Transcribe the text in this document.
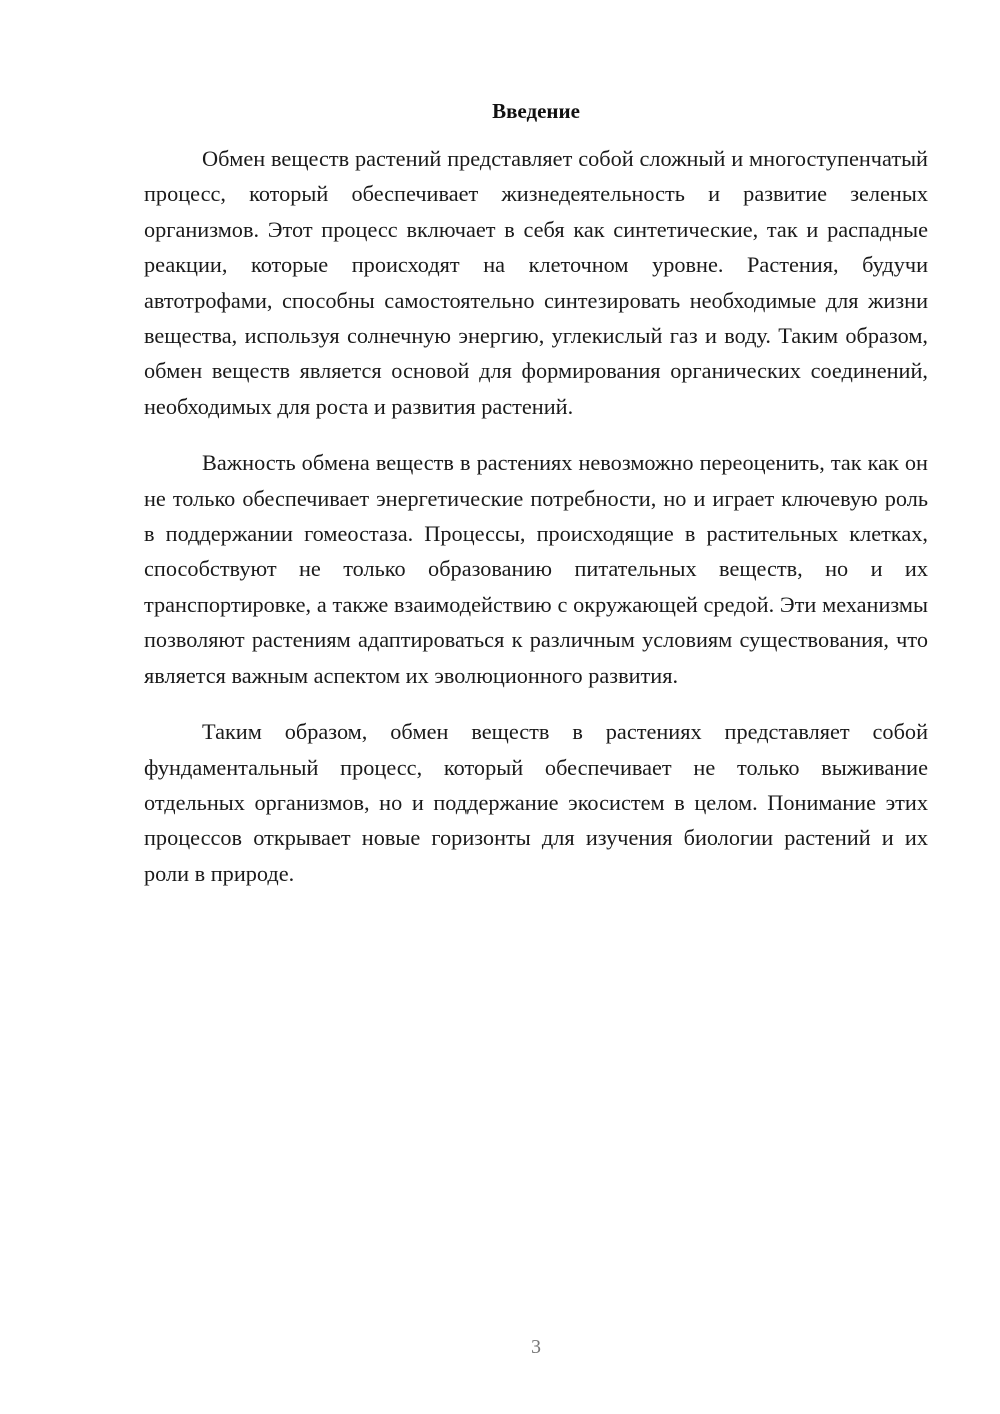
Введение

Обмен веществ растений представляет собой сложный и многоступенчатый процесс, который обеспечивает жизнедеятельность и развитие зеленых организмов. Этот процесс включает в себя как синтетические, так и распадные реакции, которые происходят на клеточном уровне. Растения, будучи автотрофами, способны самостоятельно синтезировать необходимые для жизни вещества, используя солнечную энергию, углекислый газ и воду. Таким образом, обмен веществ является основой для формирования органических соединений, необходимых для роста и развития растений.

Важность обмена веществ в растениях невозможно переоценить, так как он не только обеспечивает энергетические потребности, но и играет ключевую роль в поддержании гомеостаза. Процессы, происходящие в растительных клетках, способствуют не только образованию питательных веществ, но и их транспортировке, а также взаимодействию с окружающей средой. Эти механизмы позволяют растениям адаптироваться к различным условиям существования, что является важным аспектом их эволюционного развития.

Таким образом, обмен веществ в растениях представляет собой фундаментальный процесс, который обеспечивает не только выживание отдельных организмов, но и поддержание экосистем в целом. Понимание этих процессов открывает новые горизонты для изучения биологии растений и их роли в природе.

3
